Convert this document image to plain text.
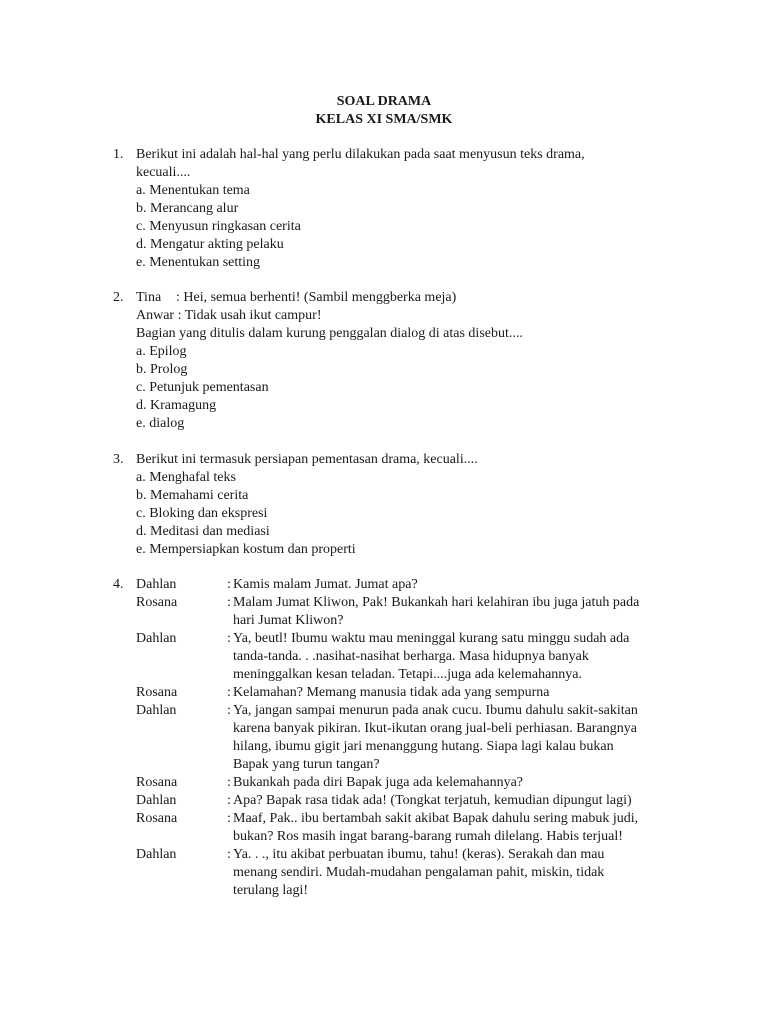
SOAL DRAMA
KELAS XI SMA/SMK
1. Berikut ini adalah hal-hal yang perlu dilakukan pada saat menyusun teks drama,
kecuali....
a. Menentukan tema
b. Merancang alur
c. Menyusun ringkasan cerita
d. Mengatur akting pelaku
e. Menentukan setting
2. Tina : Hei, semua berhenti! (Sambil menggberka meja)
Anwar : Tidak usah ikut campur!
Bagian yang ditulis dalam kurung penggalan dialog di atas disebut....
a. Epilog
b. Prolog
c. Petunjuk pementasan
d. Kramagung
e. dialog
3. Berikut ini termasuk persiapan pementasan drama, kecuali....
a. Menghafal teks
b. Memahami cerita
c. Bloking dan ekspresi
d. Meditasi dan mediasi
e. Mempersiapkan kostum dan properti
4. Dahlan	: Kamis malam Jumat. Jumat apa?
Rosana	: Malam Jumat Kliwon, Pak! Bukankah hari kelahiran ibu juga jatuh pada
hari Jumat Kliwon?
Dahlan	: Ya, beutl! Ibumu waktu mau meninggal kurang satu minggu sudah ada
tanda-tanda. . .nasihat-nasihat berharga. Masa hidupnya banyak
meninggalkan kesan teladan. Tetapi....juga ada kelemahannya.
Rosana	: Kelamahan? Memang manusia tidak ada yang sempurna
Dahlan	: Ya, jangan sampai menurun pada anak cucu. Ibumu dahulu sakit-sakitan
karena banyak pikiran. Ikut-ikutan orang jual-beli perhiasan. Barangnya
hilang, ibumu gigit jari menanggung hutang. Siapa lagi kalau bukan
Bapak yang turun tangan?
Rosana	: Bukankah pada diri Bapak juga ada kelemahannya?
Dahlan	: Apa? Bapak rasa tidak ada! (Tongkat terjatuh, kemudian dipungut lagi)
Rosana	: Maaf, Pak.. ibu bertambah sakit akibat Bapak dahulu sering mabuk judi,
bukan? Ros masih ingat barang-barang rumah dilelang. Habis terjual!
Dahlan	: Ya. . ., itu akibat perbuatan ibumu, tahu! (keras). Serakah dan mau
menang sendiri. Mudah-mudahan pengalaman pahit, miskin, tidak
terulang lagi!
